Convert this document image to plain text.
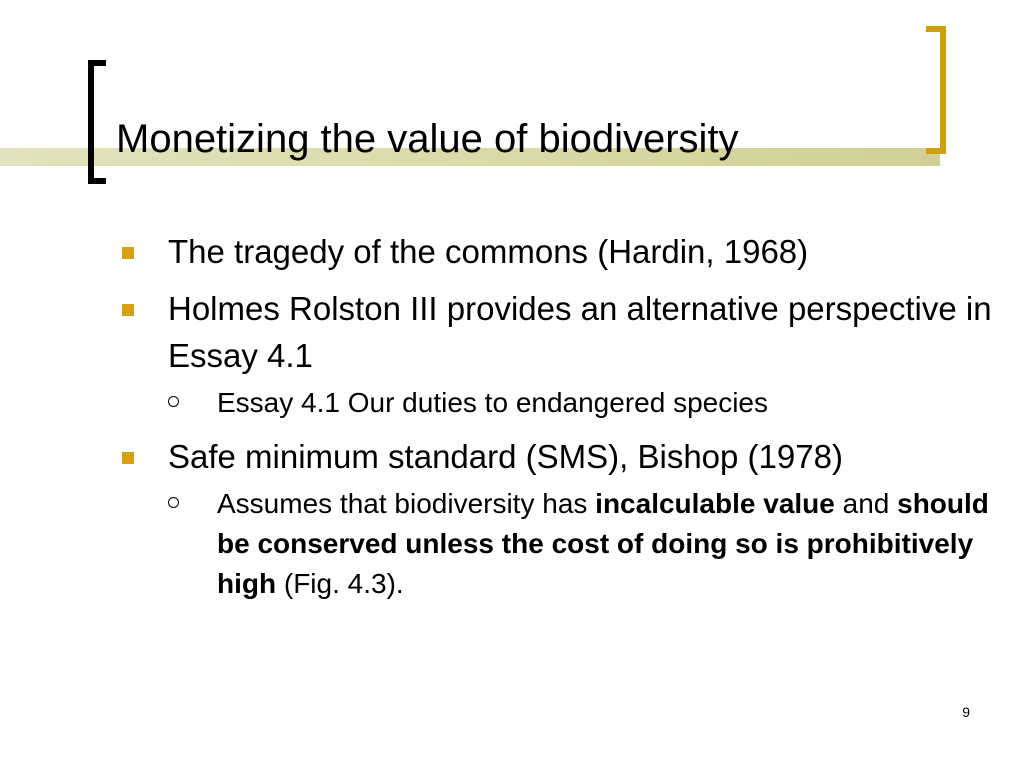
Monetizing the value of biodiversity
The tragedy of the commons (Hardin, 1968)
Holmes Rolston III provides an alternative perspective in Essay 4.1
Essay 4.1 Our duties to endangered species
Safe minimum standard (SMS), Bishop (1978)
Assumes that biodiversity has incalculable value and should be conserved unless the cost of doing so is prohibitively high (Fig. 4.3).
9
